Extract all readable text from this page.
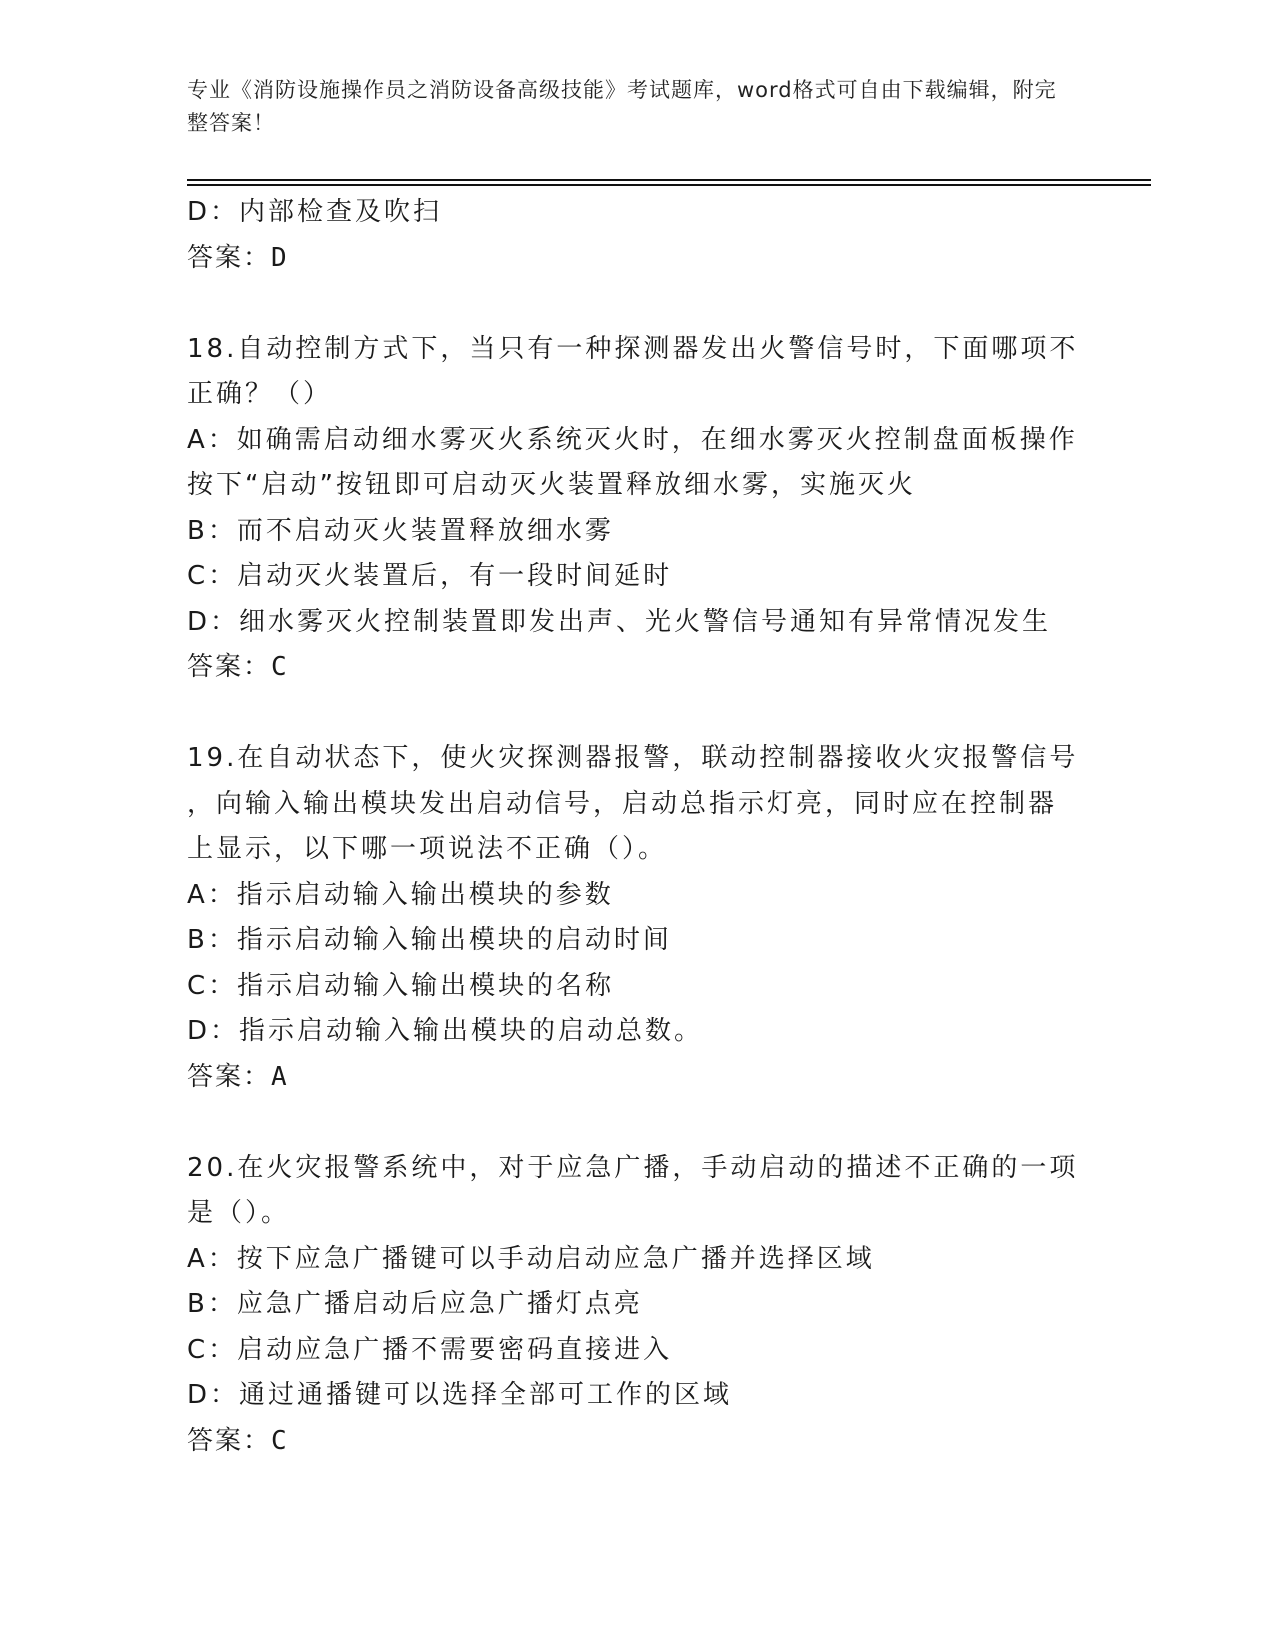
专业《消防设施操作员之消防设备高级技能》考试题库，word格式可自由下载编辑，附完整答案！
D：内部检查及吹扫
答案：D
18.自动控制方式下，当只有一种探测器发出火警信号时，下面哪项不
正确？（）
A：如确需启动细水雾灭火系统灭火时，在细水雾灭火控制盘面板操作
按下“启动”按钮即可启动灭火装置释放细水雾，实施灭火
B：而不启动灭火装置释放细水雾
C：启动灭火装置后，有一段时间延时
D：细水雾灭火控制装置即发出声、光火警信号通知有异常情况发生
答案：C
19.在自动状态下，使火灾探测器报警，联动控制器接收火灾报警信号
，向输入输出模块发出启动信号，启动总指示灯亮，同时应在控制器
上显示，以下哪一项说法不正确（）。
A：指示启动输入输出模块的参数
B：指示启动输入输出模块的启动时间
C：指示启动输入输出模块的名称
D：指示启动输入输出模块的启动总数。
答案：A
20.在火灾报警系统中，对于应急广播，手动启动的描述不正确的一项
是（）。
A：按下应急广播键可以手动启动应急广播并选择区域
B：应急广播启动后应急广播灯点亮
C：启动应急广播不需要密码直接进入
D：通过通播键可以选择全部可工作的区域
答案：C
